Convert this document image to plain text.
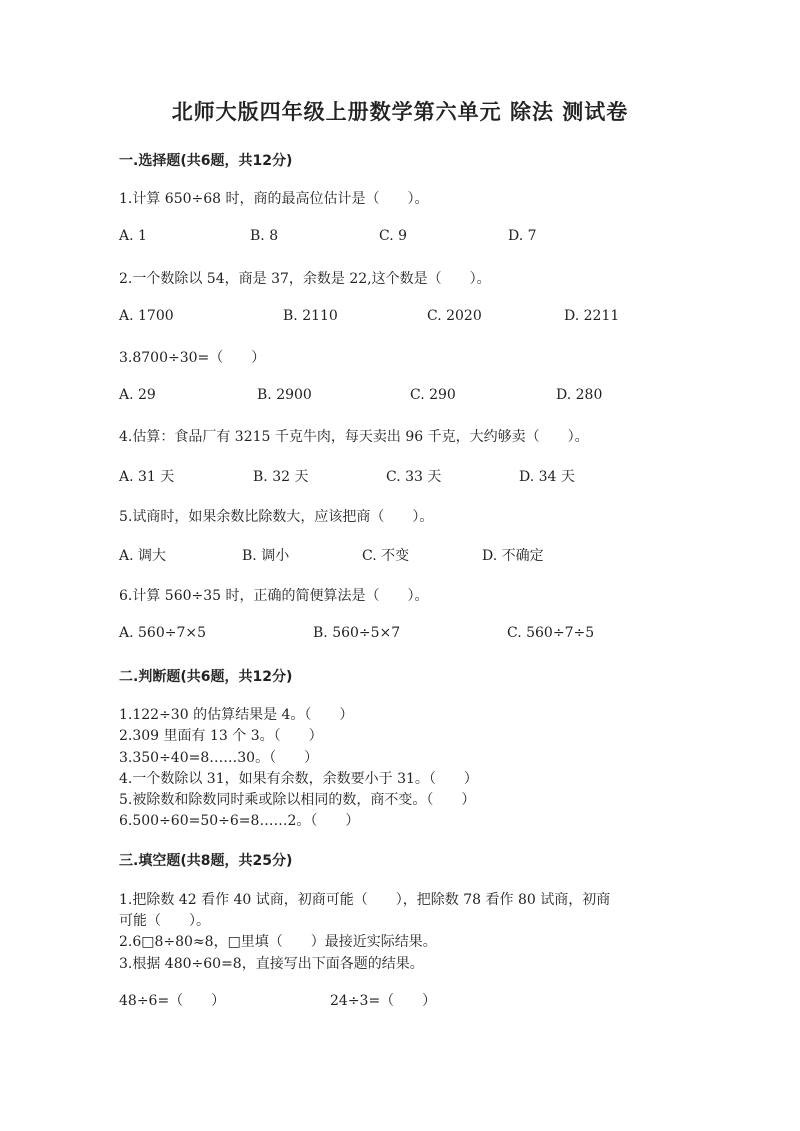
北师大版四年级上册数学第六单元 除法 测试卷
一.选择题(共6题，共12分)

1.计算 650÷68 时，商的最高位估计是（　　）。

A. 1	B. 8	C. 9	D. 7

2.一个数除以 54，商是 37，余数是 22,这个数是（　　）。

A. 1700	B. 2110	C. 2020	D. 2211

3.8700÷30=（　　）

A. 29	B. 2900	C. 290	D. 280

4.估算：食品厂有 3215 千克牛肉，每天卖出 96 千克，大约够卖（　　）。

A. 31 天	B. 32 天	C. 33 天	D. 34 天

5.试商时，如果余数比除数大，应该把商（　　）。

A. 调大	B. 调小	C. 不变	D. 不确定

6.计算 560÷35 时，正确的简便算法是（　　）。

A. 560÷7×5	B. 560÷5×7	C. 560÷7÷5
二.判断题(共6题，共12分)

1.122÷30 的估算结果是 4。（　　）

2.309 里面有 13 个 3。（　　）

3.350÷40=8……30。（　　）

4.一个数除以 31，如果有余数，余数要小于 31。（　　）

5.被除数和除数同时乘或除以相同的数，商不变。（　　）

6.500÷60=50÷6=8……2。（　　）

三.填空题(共8题，共25分)

1.把除数 42 看作 40 试商，初商可能（　　），把除数 78 看作 80 试商，初商

可能（　　）。

2.6□8÷80≈8，□里填（　　）最接近实际结果。

3.根据 480÷60=8，直接写出下面各题的结果。

48÷6=（　　）	24÷3=（　　）
